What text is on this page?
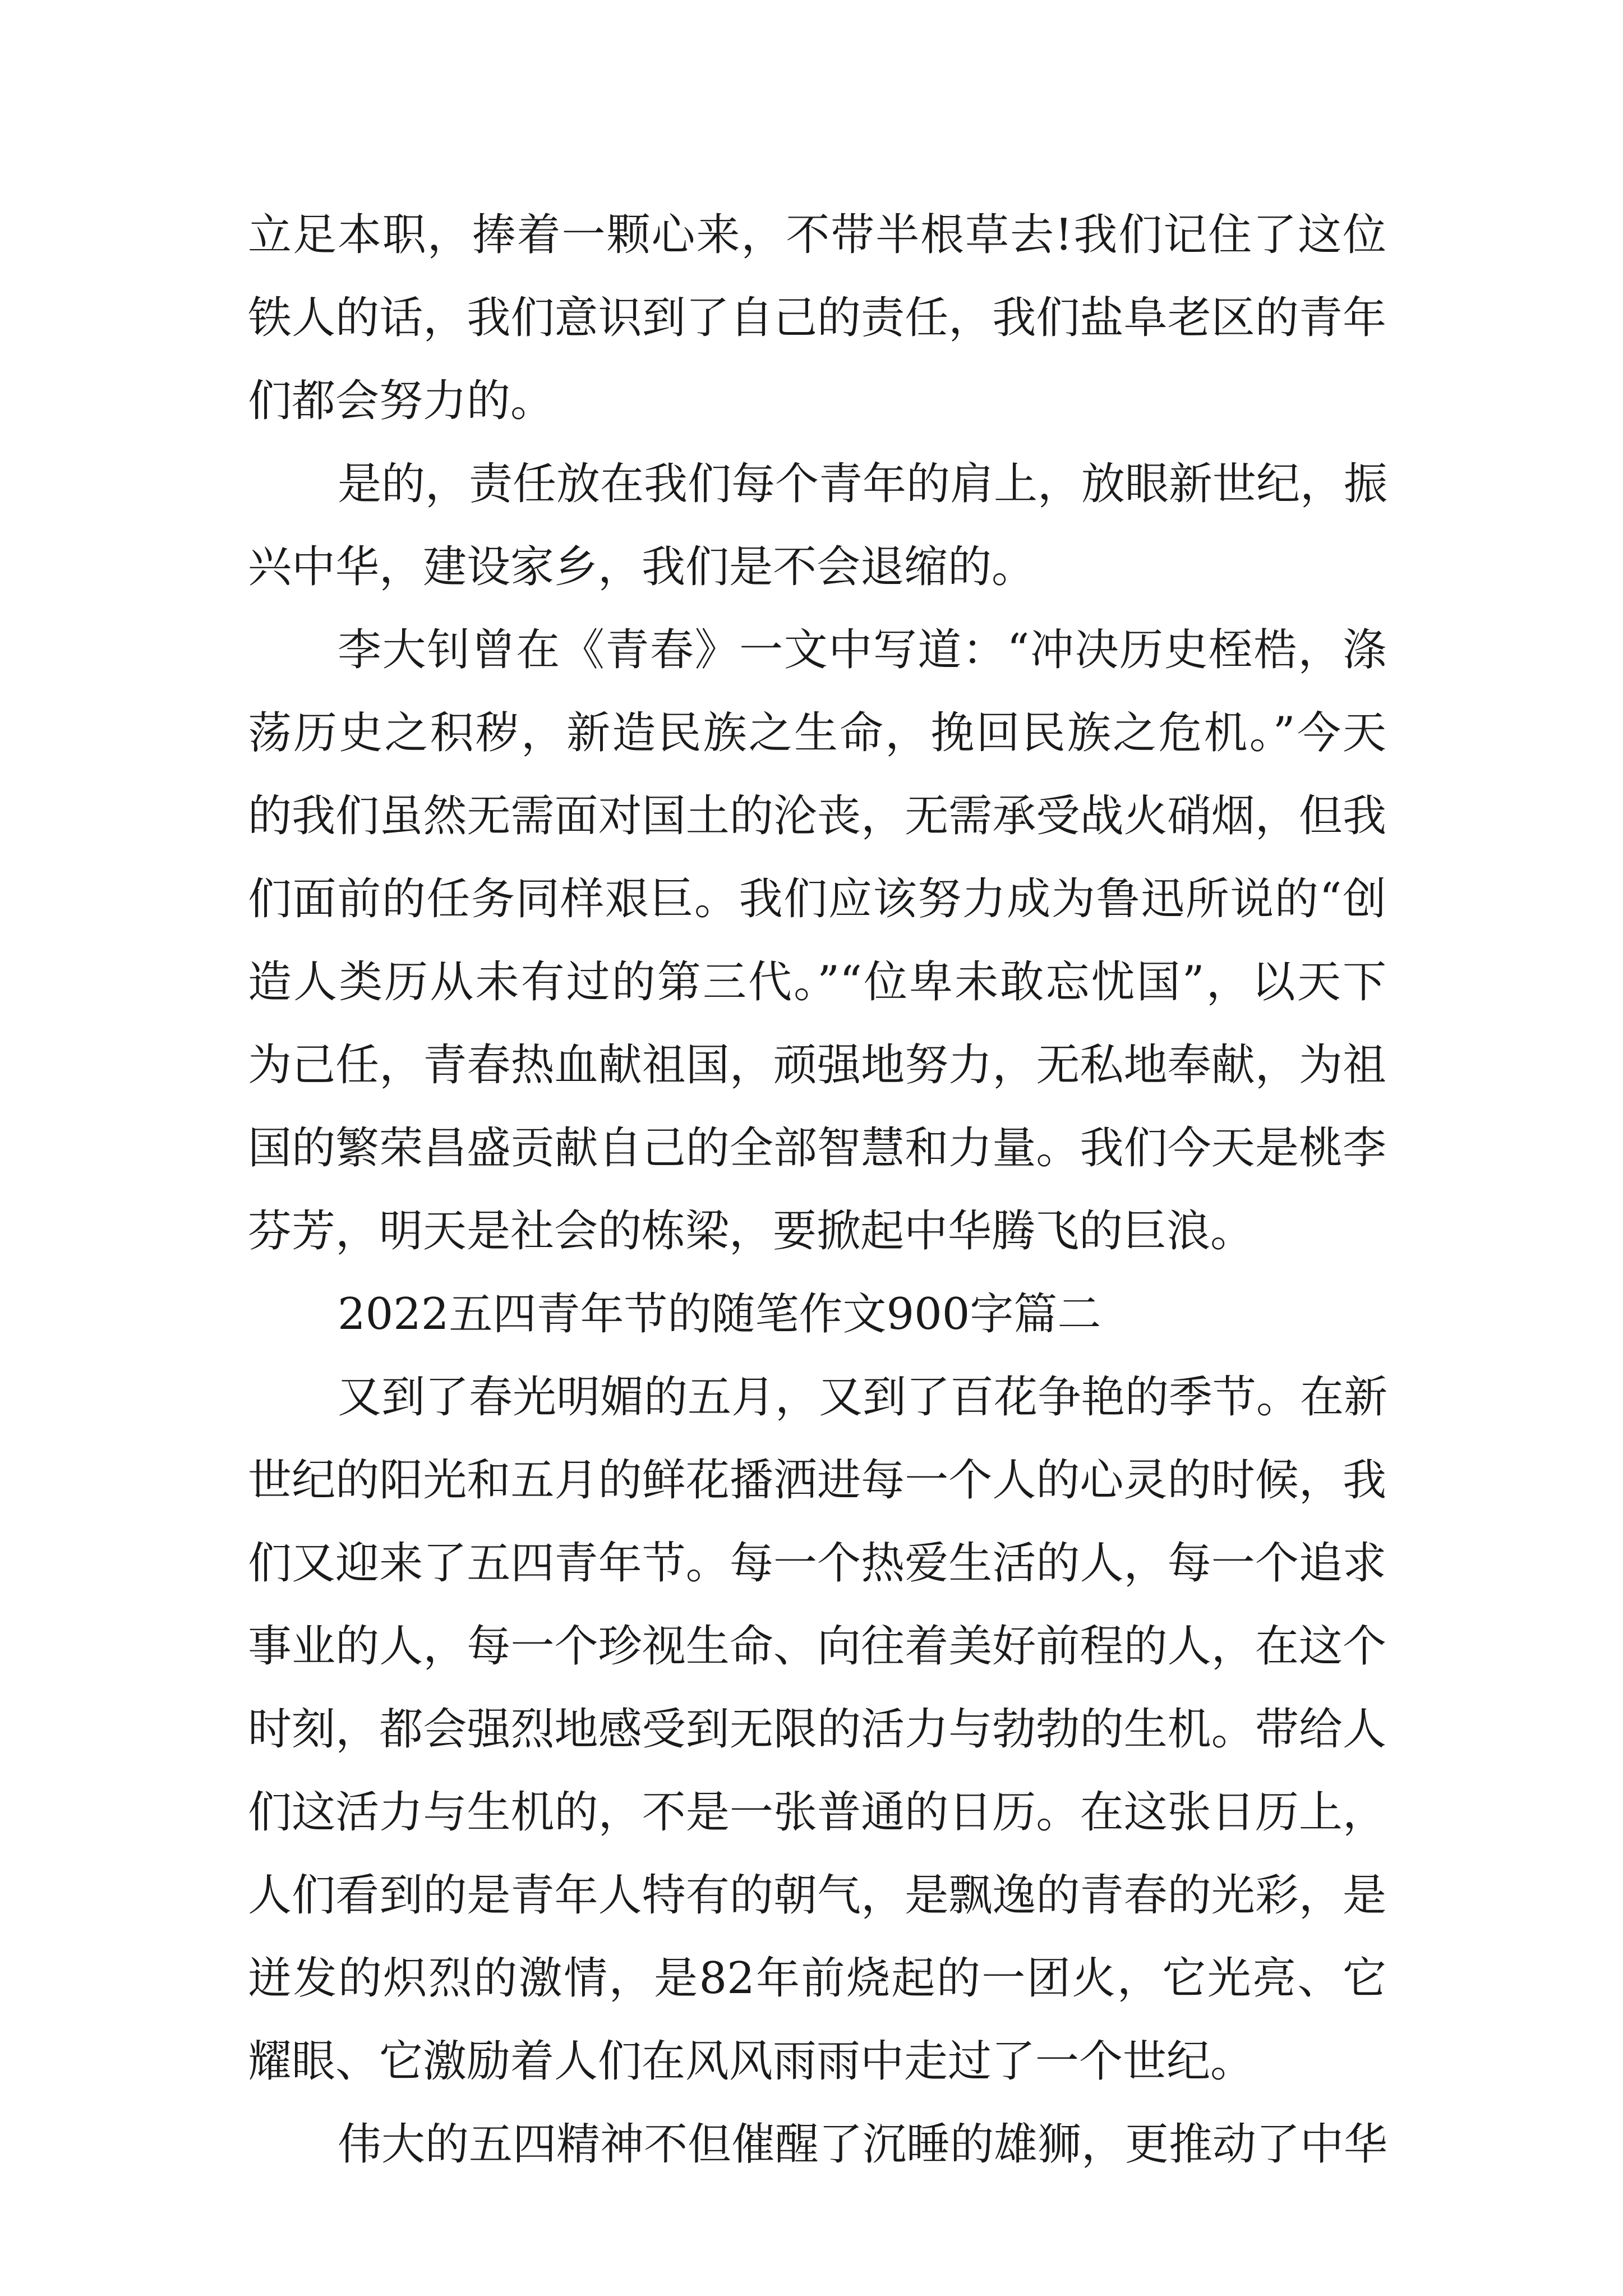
立足本职，捧着一颗心来，不带半根草去!我们记住了这位
铁人的话，我们意识到了自己的责任，我们盐阜老区的青年
们都会努力的。
是的，责任放在我们每个青年的肩上，放眼新世纪，振
兴中华，建设家乡，我们是不会退缩的。
李大钊曾在《青春》一文中写道：“冲决历史桎梏，涤
荡历史之积秽，新造民族之生命，挽回民族之危机。”今天
的我们虽然无需面对国土的沦丧，无需承受战火硝烟，但我
们面前的任务同样艰巨。我们应该努力成为鲁迅所说的“创
造人类历从未有过的第三代。”“位卑未敢忘忧国”，以天下
为己任，青春热血献祖国，顽强地努力，无私地奉献，为祖
国的繁荣昌盛贡献自己的全部智慧和力量。我们今天是桃李
芬芳，明天是社会的栋梁，要掀起中华腾飞的巨浪。
2022五四青年节的随笔作文900字篇二
又到了春光明媚的五月，又到了百花争艳的季节。在新
世纪的阳光和五月的鲜花播洒进每一个人的心灵的时候，我
们又迎来了五四青年节。每一个热爱生活的人，每一个追求
事业的人，每一个珍视生命、向往着美好前程的人，在这个
时刻，都会强烈地感受到无限的活力与勃勃的生机。带给人
们这活力与生机的，不是一张普通的日历。在这张日历上，
人们看到的是青年人特有的朝气，是飘逸的青春的光彩，是
迸发的炽烈的激情，是82年前烧起的一团火，它光亮、它
耀眼、它激励着人们在风风雨雨中走过了一个世纪。
伟大的五四精神不但催醒了沉睡的雄狮，更推动了中华
